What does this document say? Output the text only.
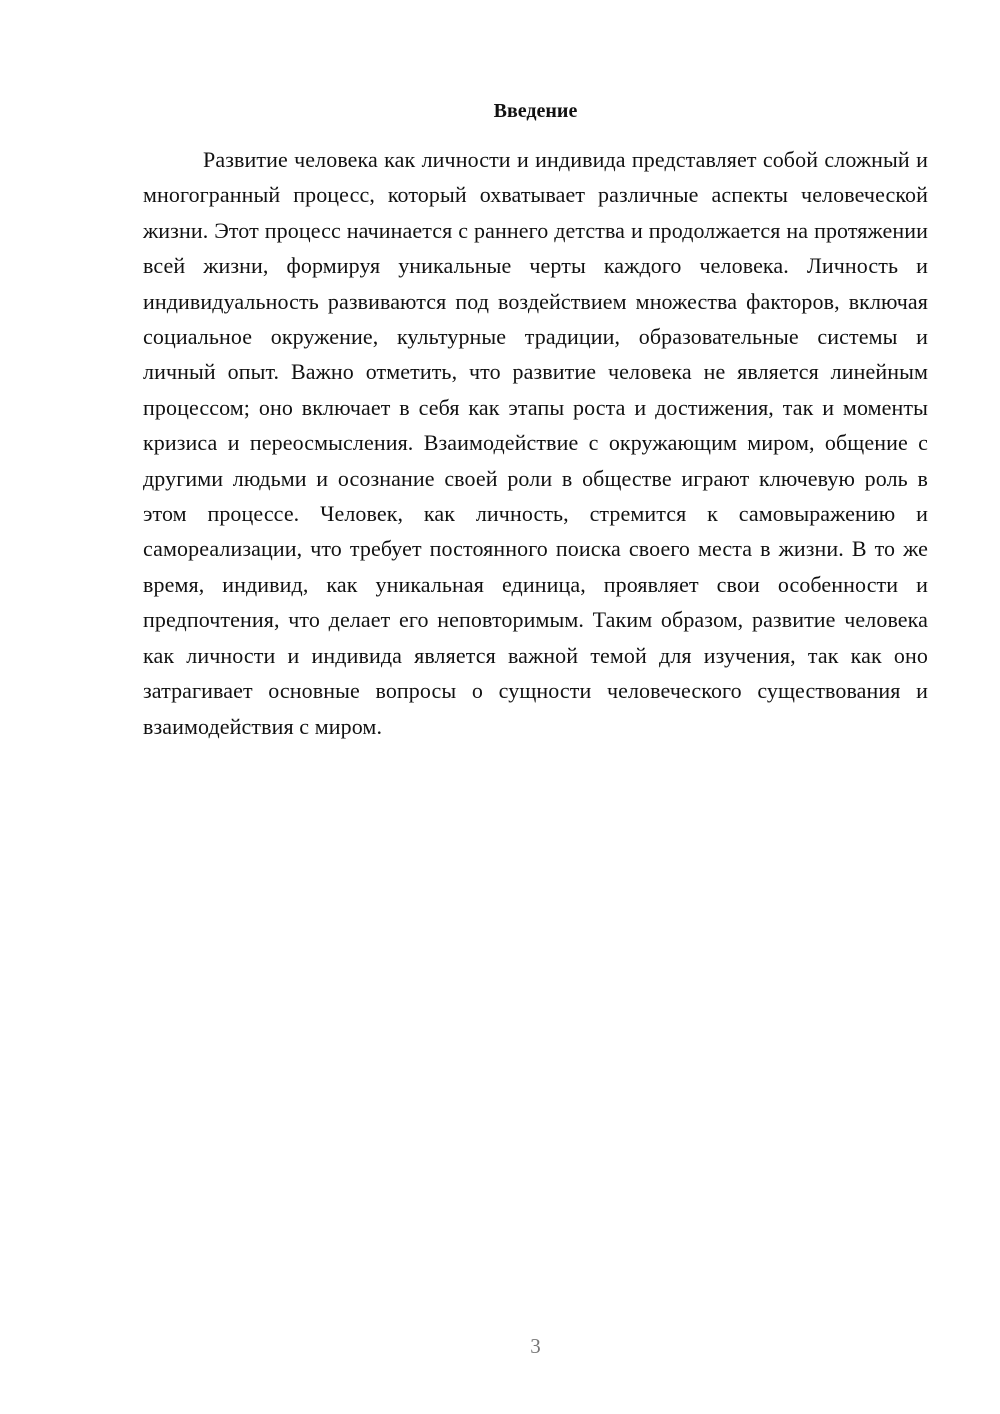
Введение

Развитие человека как личности и индивида представляет собой сложный и многогранный процесс, который охватывает различные аспекты человеческой жизни. Этот процесс начинается с раннего детства и продолжается на протяжении всей жизни, формируя уникальные черты каждого человека. Личность и индивидуальность развиваются под воздействием множества факторов, включая социальное окружение, культурные традиции, образовательные системы и личный опыт. Важно отметить, что развитие человека не является линейным процессом; оно включает в себя как этапы роста и достижения, так и моменты кризиса и переосмысления. Взаимодействие с окружающим миром, общение с другими людьми и осознание своей роли в обществе играют ключевую роль в этом процессе. Человек, как личность, стремится к самовыражению и самореализации, что требует постоянного поиска своего места в жизни. В то же время, индивид, как уникальная единица, проявляет свои особенности и предпочтения, что делает его неповторимым. Таким образом, развитие человека как личности и индивида является важной темой для изучения, так как оно затрагивает основные вопросы о сущности человеческого существования и взаимодействия с миром.

3
